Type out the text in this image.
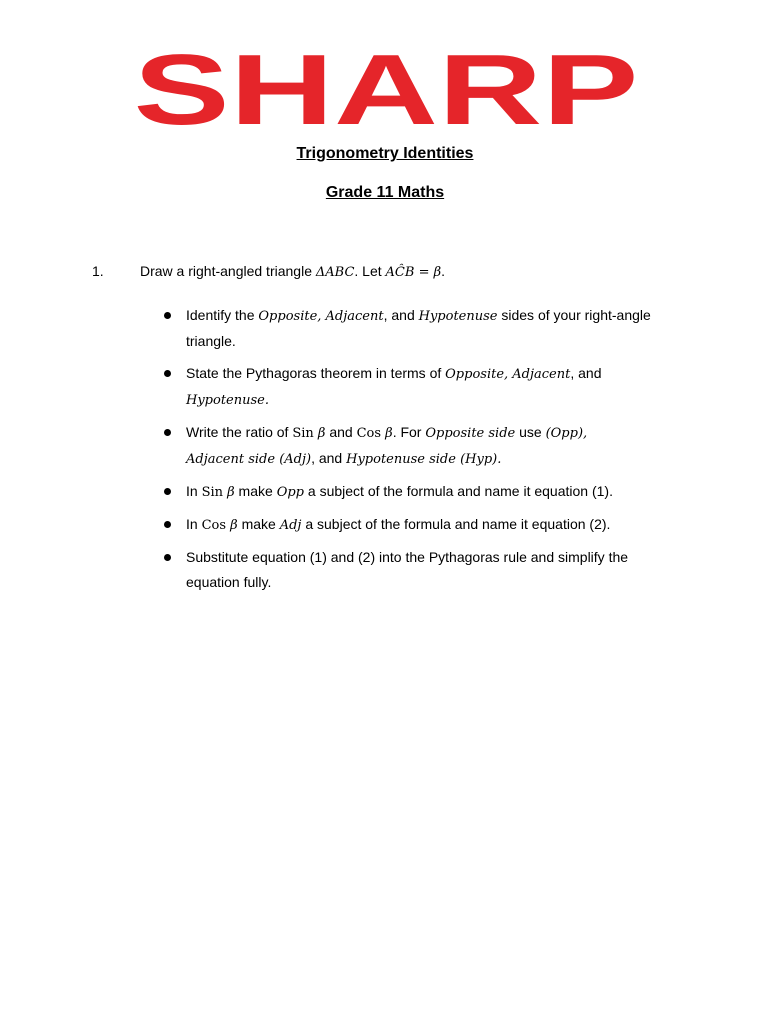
SHARP
Trigonometry Identities
Grade 11 Maths
1.	Draw a right-angled triangle ΔABC. Let AĈB = β.
Identify the Opposite, Adjacent, and Hypotenuse sides of your right-angle triangle.
State the Pythagoras theorem in terms of Opposite, Adjacent, and
Hypotenuse.
Write the ratio of Sin β and Cos β. For Opposite side use (Opp),
Adjacent side (Adj), and Hypotenuse side (Hyp).
In Sin β make Opp a subject of the formula and name it equation (1).
In Cos β make Adj a subject of the formula and name it equation (2).
Substitute equation (1) and (2) into the Pythagoras rule and simplify the equation fully.
